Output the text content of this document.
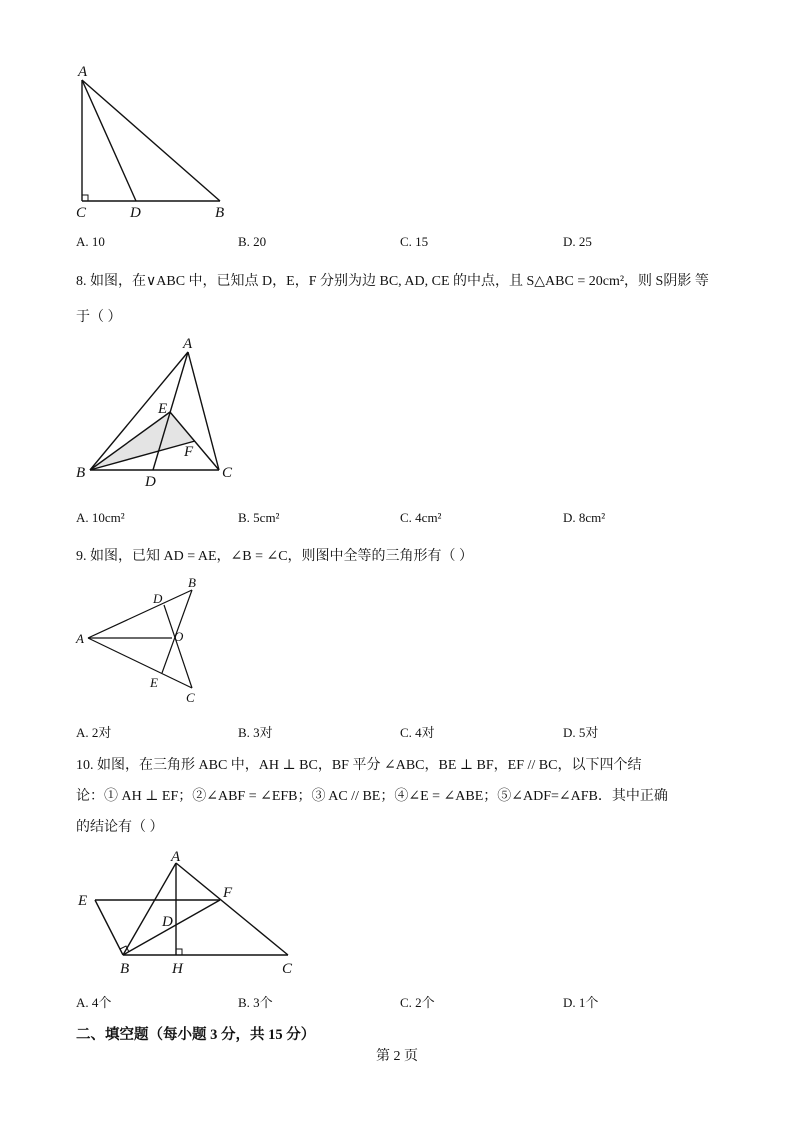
A
C	D	B
A. 10	B. 20	C. 15	D. 25
8. 如图，在∨ABC 中，已知点 D，E，F 分别为边 BC, AD, CE 的中点，且 S△ABC = 20cm²，则 S阴影 等
于（ ）
A
E
F
B
D
C
A. 10cm²	B. 5cm²	C. 4cm²	D. 8cm²
9. 如图，已知 AD = AE，∠B = ∠C，则图中全等的三角形有（ ）
B
D
A	O
E
C
A. 2对	B. 3对	C. 4对	D. 5对
10. 如图，在三角形 ABC 中，AH ⊥ BC，BF 平分 ∠ABC，BE ⊥ BF，EF // BC，以下四个结
论：① AH ⊥ EF；②∠ABF = ∠EFB；③ AC // BE；④∠E = ∠ABE；⑤∠ADF=∠AFB．其中正确
的结论有（ ）
A
E	F
D
B	H	C
A. 4个	B. 3个	C. 2个	D. 1个
二、填空题（每小题 3 分，共 15 分）
第 2 页
